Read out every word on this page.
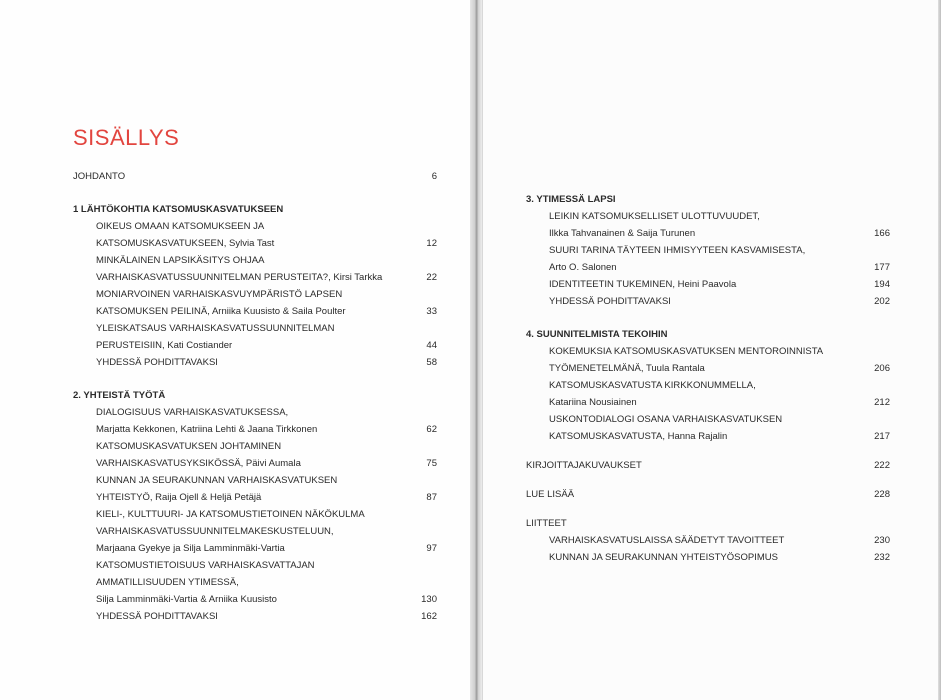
SISÄLLYS
JOHDANTO	6
1 LÄHTÖKOHTIA KATSOMUSKASVATUKSEEN
OIKEUS OMAAN KATSOMUKSEEN JA
KATSOMUSKASVATUKSEEN, Sylvia Tast	12
MINKÄLAINEN LAPSIKÄSITYS OHJAA
VARHAISKASVATUSSUUNNITELMAN PERUSTEITA?, Kirsi Tarkka	22
MONIARVOINEN VARHAISKASVUYMPÄRISTÖ LAPSEN
KATSOMUKSEN PEILINÄ, Arniika Kuusisto & Saila Poulter	33
YLEISKATSAUS VARHAISKASVATUSSUUNNITELMAN
PERUSTEISIIN, Kati Costiander	44
YHDESSÄ POHDITTAVAKSI	58
2. YHTEISTÄ TYÖTÄ
DIALOGISUUS VARHAISKASVATUKSESSA,
Marjatta Kekkonen, Katriina Lehti & Jaana Tirkkonen	62
KATSOMUSKASVATUKSEN JOHTAMINEN
VARHAISKASVATUSYKSIKÖSSÄ, Päivi Aumala	75
KUNNAN JA SEURAKUNNAN VARHAISKASVATUKSEN
YHTEISTYÖ, Raija Ojell & Heljä Petäjä	87
KIELI-, KULTTUURI- JA KATSOMUSTIETOINEN NÄKÖKULMA
VARHAISKASVATUSSUUNNITELMAKESKUSTELUUN,
Marjaana Gyekye ja Silja Lamminmäki-Vartia	97
KATSOMUSTIETOISUUS VARHAISKASVATTAJAN
AMMATILLISUUDEN YTIMESSÄ,
Silja Lamminmäki-Vartia & Arniika Kuusisto	130
YHDESSÄ POHDITTAVAKSI	162
3. YTIMESSÄ LAPSI
LEIKIN KATSOMUKSELLISET ULOTTUVUUDET,
Ilkka Tahvanainen & Saija Turunen	166
SUURI TARINA TÄYTEEN IHMISYYTEEN KASVAMISESTA,
Arto O. Salonen	177
IDENTITEETIN TUKEMINEN, Heini Paavola	194
YHDESSÄ POHDITTAVAKSI	202
4. SUUNNITELMISTA TEKOIHIN
KOKEMUKSIA KATSOMUSKASVATUKSEN MENTOROINNISTA
TYÖMENETELMÄNÄ, Tuula Rantala	206
KATSOMUSKASVATUSTA KIRKKONUMMELLA,
Katariina Nousiainen	212
USKONTODIALOGI OSANA VARHAISKASVATUKSEN
KATSOMUSKASVATUSTA, Hanna Rajalin	217
KIRJOITTAJAKUVAUKSET	222
LUE LISÄÄ	228
LIITTEET
VARHAISKASVATUSLAISSA SÄÄDETYT TAVOITTEET	230
KUNNAN JA SEURAKUNNAN YHTEISTYÖSOPIMUS	232
